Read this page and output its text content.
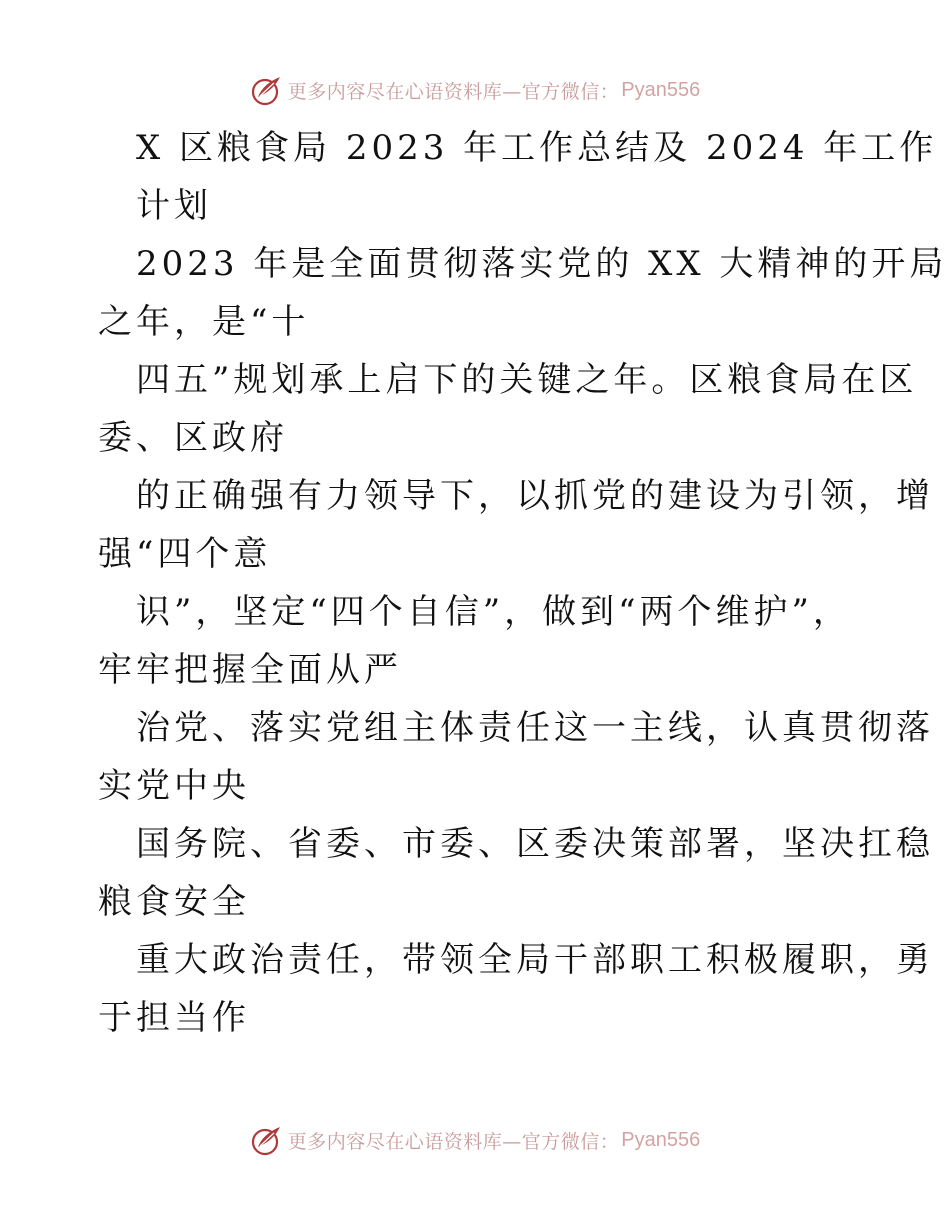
更多内容尽在心语资料库—官方微信： Pyan556
X 区粮食局 2023 年工作总结及 2024 年工作
计划
2023 年是全面贯彻落实党的 XX 大精神的开局
之年，是“十
四五”规划承上启下的关键之年。区粮食局在区
委、区政府
的正确强有力领导下，以抓党的建设为引领，增
强“四个意
识”，坚定“四个自信”，做到“两个维护”，
牢牢把握全面从严
治党、落实党组主体责任这一主线，认真贯彻落
实党中央
国务院、省委、市委、区委决策部署，坚决扛稳
粮食安全
重大政治责任，带领全局干部职工积极履职，勇
于担当作
更多内容尽在心语资料库—官方微信： Pyan556
